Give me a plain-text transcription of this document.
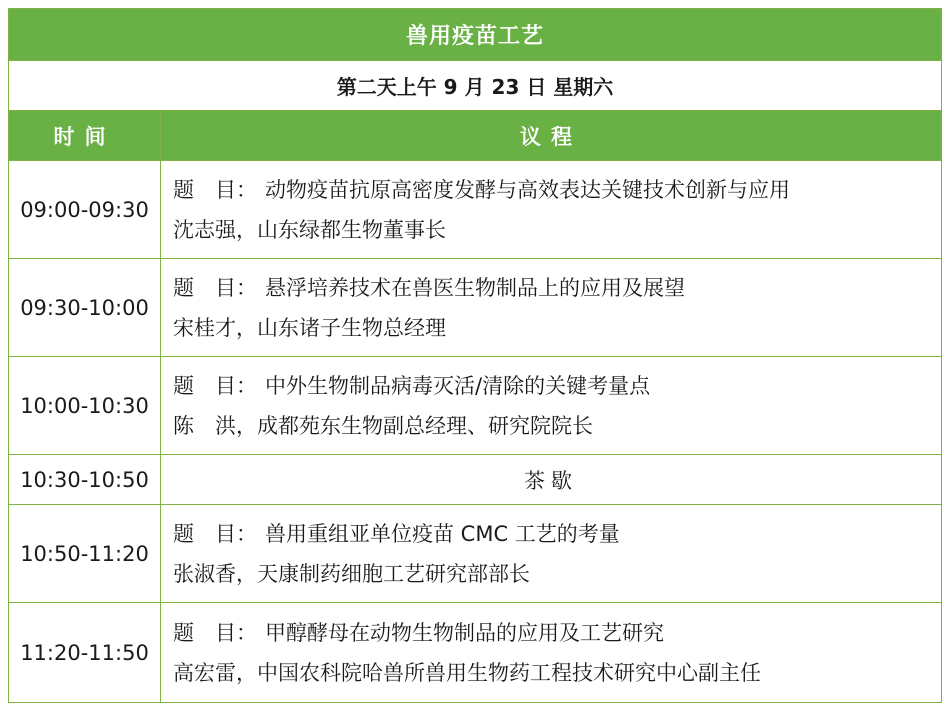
兽用疫苗工艺	
第二天上午 9 月 23 日 星期六	
时间	议程
09:00-09:30	题　目： 动物疫苗抗原高密度发酵与高效表达关键技术创新与应用
沈志强，山东绿都生物董事长

09:30-10:00	题　目： 悬浮培养技术在兽医生物制品上的应用及展望
宋桂才，山东诸子生物总经理

10:00-10:30	题　目： 中外生物制品病毒灭活/清除的关键考量点
陈　洪，成都苑东生物副总经理、研究院院长

10:30-10:50	茶歇
10:50-11:20	题　目： 兽用重组亚单位疫苗 CMC 工艺的考量
张淑香，天康制药细胞工艺研究部部长

11:20-11:50	题　目： 甲醇酵母在动物生物制品的应用及工艺研究
高宏雷，中国农科院哈兽所兽用生物药工程技术研究中心副主任
